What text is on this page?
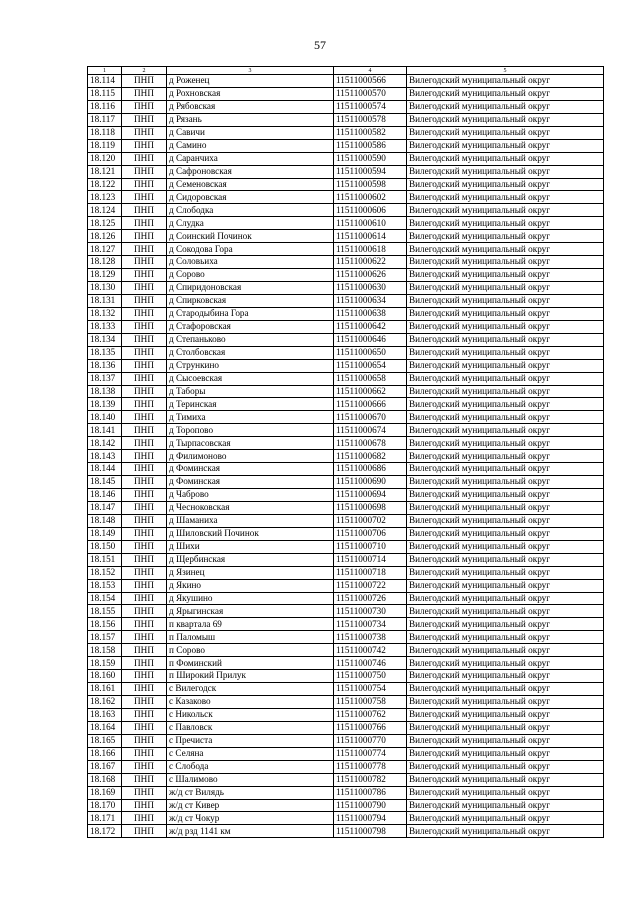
57
1	2	3	4	5
18.114	ПНП	д Роженец	11511000566	Вилегодский муниципальный округ
18.115	ПНП	д Рохновская	11511000570	Вилегодский муниципальный округ
18.116	ПНП	д Рябовская	11511000574	Вилегодский муниципальный округ
18.117	ПНП	д Рязань	11511000578	Вилегодский муниципальный округ
18.118	ПНП	д Савичи	11511000582	Вилегодский муниципальный округ
18.119	ПНП	д Самино	11511000586	Вилегодский муниципальный округ
18.120	ПНП	д Саранчиха	11511000590	Вилегодский муниципальный округ
18.121	ПНП	д Сафроновская	11511000594	Вилегодский муниципальный округ
18.122	ПНП	д Семеновская	11511000598	Вилегодский муниципальный округ
18.123	ПНП	д Сидоровская	11511000602	Вилегодский муниципальный округ
18.124	ПНП	д Слободка	11511000606	Вилегодский муниципальный округ
18.125	ПНП	д Слудка	11511000610	Вилегодский муниципальный округ
18.126	ПНП	д Соинский Починок	11511000614	Вилегодский муниципальный округ
18.127	ПНП	д Сокодова Гора	11511000618	Вилегодский муниципальный округ
18.128	ПНП	д Соловьиха	11511000622	Вилегодский муниципальный округ
18.129	ПНП	д Сорово	11511000626	Вилегодский муниципальный округ
18.130	ПНП	д Спиридоновская	11511000630	Вилегодский муниципальный округ
18.131	ПНП	д Спирковская	11511000634	Вилегодский муниципальный округ
18.132	ПНП	д Стародыбина Гора	11511000638	Вилегодский муниципальный округ
18.133	ПНП	д Стафоровская	11511000642	Вилегодский муниципальный округ
18.134	ПНП	д Степаньково	11511000646	Вилегодский муниципальный округ
18.135	ПНП	д Столбовская	11511000650	Вилегодский муниципальный округ
18.136	ПНП	д Стрункино	11511000654	Вилегодский муниципальный округ
18.137	ПНП	д Сысоевская	11511000658	Вилегодский муниципальный округ
18.138	ПНП	д Таборы	11511000662	Вилегодский муниципальный округ
18.139	ПНП	д Теринская	11511000666	Вилегодский муниципальный округ
18.140	ПНП	д Тимиха	11511000670	Вилегодский муниципальный округ
18.141	ПНП	д Торопово	11511000674	Вилегодский муниципальный округ
18.142	ПНП	д Тырпасовская	11511000678	Вилегодский муниципальный округ
18.143	ПНП	д Филимоново	11511000682	Вилегодский муниципальный округ
18.144	ПНП	д Фоминская	11511000686	Вилегодский муниципальный округ
18.145	ПНП	д Фоминская	11511000690	Вилегодский муниципальный округ
18.146	ПНП	д Чаброво	11511000694	Вилегодский муниципальный округ
18.147	ПНП	д Чесноковская	11511000698	Вилегодский муниципальный округ
18.148	ПНП	д Шаманиха	11511000702	Вилегодский муниципальный округ
18.149	ПНП	д Шиловский Починок	11511000706	Вилегодский муниципальный округ
18.150	ПНП	д Шихи	11511000710	Вилегодский муниципальный округ
18.151	ПНП	д Щербинская	11511000714	Вилегодский муниципальный округ
18.152	ПНП	д Язинец	11511000718	Вилегодский муниципальный округ
18.153	ПНП	д Якино	11511000722	Вилегодский муниципальный округ
18.154	ПНП	д Якушино	11511000726	Вилегодский муниципальный округ
18.155	ПНП	д Ярыгинская	11511000730	Вилегодский муниципальный округ
18.156	ПНП	п квартала 69	11511000734	Вилегодский муниципальный округ
18.157	ПНП	п Паломыш	11511000738	Вилегодский муниципальный округ
18.158	ПНП	п Сорово	11511000742	Вилегодский муниципальный округ
18.159	ПНП	п Фоминский	11511000746	Вилегодский муниципальный округ
18.160	ПНП	п Широкий Прилук	11511000750	Вилегодский муниципальный округ
18.161	ПНП	с Вилегодск	11511000754	Вилегодский муниципальный округ
18.162	ПНП	с Казаково	11511000758	Вилегодский муниципальный округ
18.163	ПНП	с Никольск	11511000762	Вилегодский муниципальный округ
18.164	ПНП	с Павловск	11511000766	Вилегодский муниципальный округ
18.165	ПНП	с Пречиста	11511000770	Вилегодский муниципальный округ
18.166	ПНП	с Селяна	11511000774	Вилегодский муниципальный округ
18.167	ПНП	с Слобода	11511000778	Вилегодский муниципальный округ
18.168	ПНП	с Шалимово	11511000782	Вилегодский муниципальный округ
18.169	ПНП	ж/д ст Вилядь	11511000786	Вилегодский муниципальный округ
18.170	ПНП	ж/д ст Кивер	11511000790	Вилегодский муниципальный округ
18.171	ПНП	ж/д ст Чокур	11511000794	Вилегодский муниципальный округ
18.172	ПНП	ж/д рзд 1141 км	11511000798	Вилегодский муниципальный округ
